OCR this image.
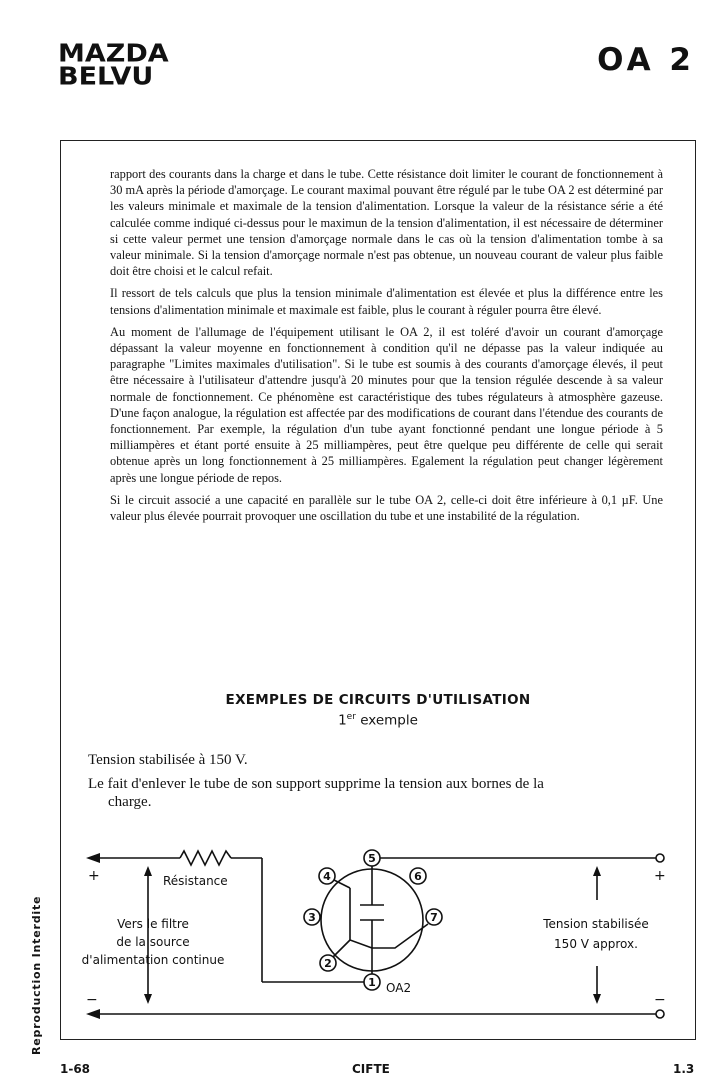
MAZDA
BELVU	OA 2

rapport des courants dans la charge et dans le tube. Cette résistance doit limiter le courant de fonctionnement à 30 mA après la période d'amorçage. Le courant maximal pouvant être régulé par le tube OA 2 est déterminé par les valeurs minimale et maximale de la tension d'alimentation. Lorsque la valeur de la résistance série a été calculée comme indiqué ci-dessus pour le maximun de la tension d'alimentation, il est nécessaire de déterminer si cette valeur permet une tension d'amorçage normale dans le cas où la tension d'alimentation tombe à sa valeur minimale. Si la tension d'amorçage normale n'est pas obtenue, un nouveau courant de valeur plus faible doit être choisi et le calcul refait.

Il ressort de tels calculs que plus la tension minimale d'alimentation est élevée et plus la différence entre les tensions d'alimentation minimale et maximale est faible, plus le courant à réguler pourra être élevé.

Au moment de l'allumage de l'équipement utilisant le OA 2, il est toléré d'avoir un courant d'amorçage dépassant la valeur moyenne en fonctionnement à condition qu'il ne dépasse pas la valeur indiquée au paragraphe "Limites maximales d'utilisation". Si le tube est soumis à des courants d'amorçage élevés, il peut être nécessaire à l'utilisateur d'attendre jusqu'à 20 minutes pour que la tension régulée descende à sa valeur normale de fonctionnement. Ce phénomène est caractéristique des tubes régulateurs à atmosphère gazeuse. D'une façon analogue, la régulation est affectée par des modifications de courant dans l'étendue des courants de fonctionnement. Par exemple, la régulation d'un tube ayant fonctionné pendant une longue période à 5 milliampères et étant porté ensuite à 25 milliampères, peut être quelque peu différente de celle qui serait obtenue après un long fonctionnement à 25 milliampères. Egalement la régulation peut changer légèrement après une longue période de repos.

Si le circuit associé a une capacité en parallèle sur le tube OA 2, celle-ci doit être inférieure à 0,1 µF. Une valeur plus élevée pourrait provoquer une oscillation du tube et une instabilité de la régulation.

EXEMPLES DE CIRCUITS D'UTILISATION
1er exemple
Tension stabilisée à 150 V.
Le fait d'enlever le tube de son support supprime la tension aux bornes de la
charge.
5
4	6
3	7
2
1
Résistance
+
−
+
−
Vers le filtre
de la source
d'alimentation continue
Tension stabilisée
150 V approx.
OA2
Reproduction Interdite
1-68	CIFTE	1.3
